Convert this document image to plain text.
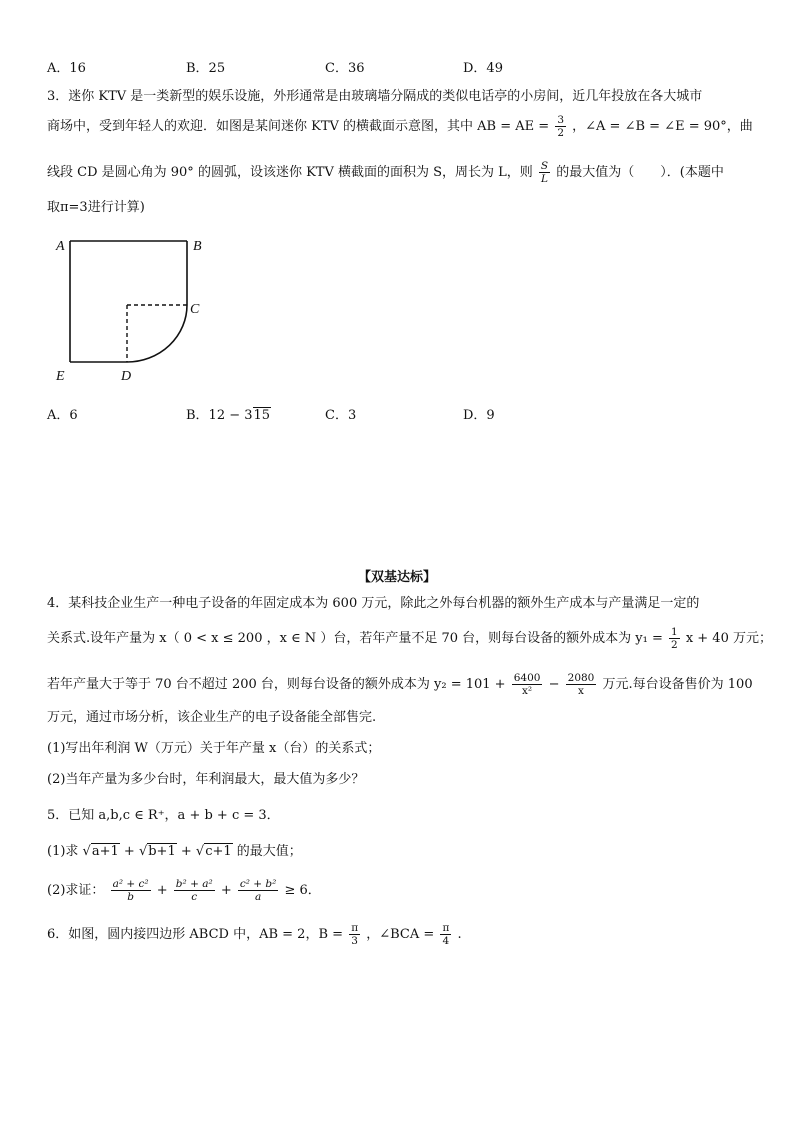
A．16	B．25	C．36	D．49
3．迷你 KTV 是一类新型的娱乐设施，外形通常是由玻璃墙分隔成的类似电话亭的小房间，近几年投放在各大城市
商场中，受到年轻人的欢迎．如图是某间迷你 KTV 的横截面示意图，其中 AB = AE = $\frac{3}{2}$ ，∠A = ∠B = ∠E = 90°，曲
线段 CD 是圆心角为 90° 的圆弧，设该迷你 KTV 横截面的面积为 S，周长为 L，则 $\frac{S}{L}$ 的最大值为（　　）．(本题中
取π=3进行计算)
A	B
C
D
E
A．6	B．12 − 315	C．3	D．9
【双基达标】
4．某科技企业生产一种电子设备的年固定成本为 600 万元，除此之外每台机器的额外生产成本与产量满足一定的
关系式.设年产量为 x（ 0 < x ≤ 200 ，x ∈ N ）台，若年产量不足 70 台，则每台设备的额外成本为 $y_1 = \frac{1}{2}$ x + 40 万元；
若年产量大于等于 70 台不超过 200 台，则每台设备的额外成本为 $y_2 = 101 + \frac{6400}{\text{x²}} - \frac{2080}{x}$ 万元.每台设备售价为 100
万元，通过市场分析，该企业生产的电子设备能全部售完.
(1)写出年利润 W（万元）关于年产量 x（台）的关系式；
(2)当年产量为多少台时，年利润最大，最大值为多少？
5．已知 a,b,c ∈ R⁺，a + b + c = 3．
(1)求 √a+1 + √b+1 + √c+1 的最大值；
(2)求证： $\frac{\text{a² + c²}}{b} + \frac{\text{b² + a²}}{c} + \frac{\text{c² + b²}}{a} \ge 6$．
6．如图，圆内接四边形 ABCD 中，AB = 2，$B = \frac{\pi}{3}$ ，∠BCA = $\frac{\pi}{4}$ .
